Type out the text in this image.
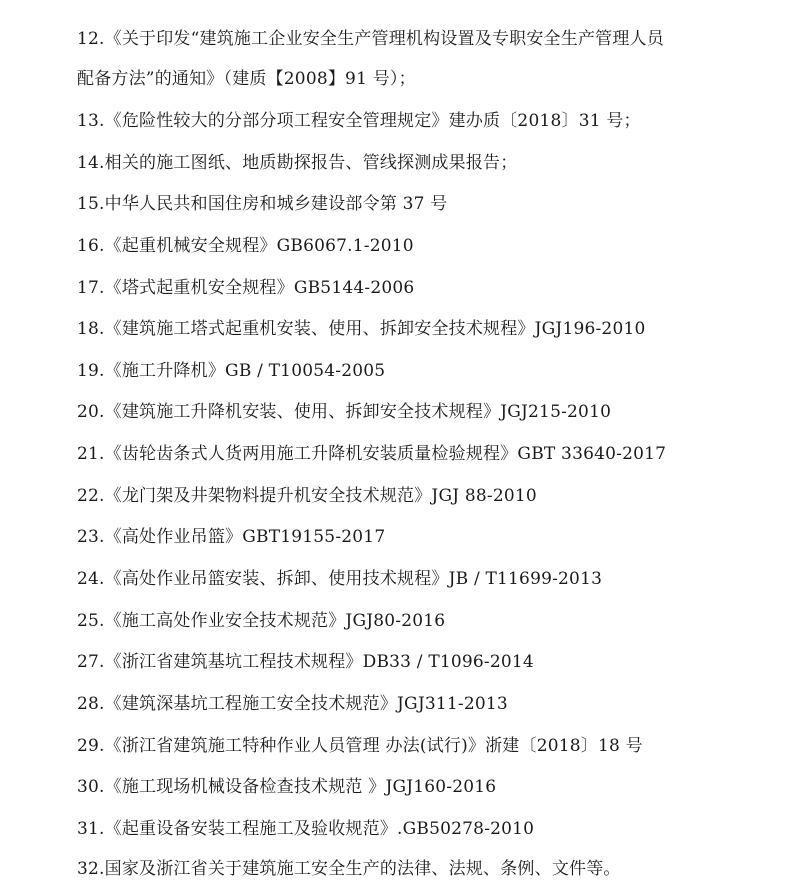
12.《关于印发“建筑施工企业安全生产管理机构设置及专职安全生产管理人员
配备方法”的通知》（建质【2008】91 号）；
13.《危险性较大的分部分项工程安全管理规定》建办质〔2018〕31 号；
14.相关的施工图纸、地质勘探报告、管线探测成果报告；
15.中华人民共和国住房和城乡建设部令第 37 号
16.《起重机械安全规程》GB6067.1-2010
17.《塔式起重机安全规程》GB5144-2006
18.《建筑施工塔式起重机安装、使用、拆卸安全技术规程》JGJ196-2010
19.《施工升降机》GB / T10054-2005
20.《建筑施工升降机安装、使用、拆卸安全技术规程》JGJ215-2010
21.《齿轮齿条式人货两用施工升降机安装质量检验规程》GBT 33640-2017
22.《龙门架及井架物料提升机安全技术规范》JGJ 88-2010
23.《高处作业吊篮》GBT19155-2017
24.《高处作业吊篮安装、拆卸、使用技术规程》JB / T11699-2013
25.《施工高处作业安全技术规范》JGJ80-2016
27.《浙江省建筑基坑工程技术规程》DB33 / T1096-2014
28.《建筑深基坑工程施工安全技术规范》JGJ311-2013
29.《浙江省建筑施工特种作业人员管理 办法(试行)》浙建〔2018〕18 号
30.《施工现场机械设备检查技术规范 》JGJ160-2016
31.《起重设备安装工程施工及验收规范》.GB50278-2010
32.国家及浙江省关于建筑施工安全生产的法律、法规、条例、文件等。
